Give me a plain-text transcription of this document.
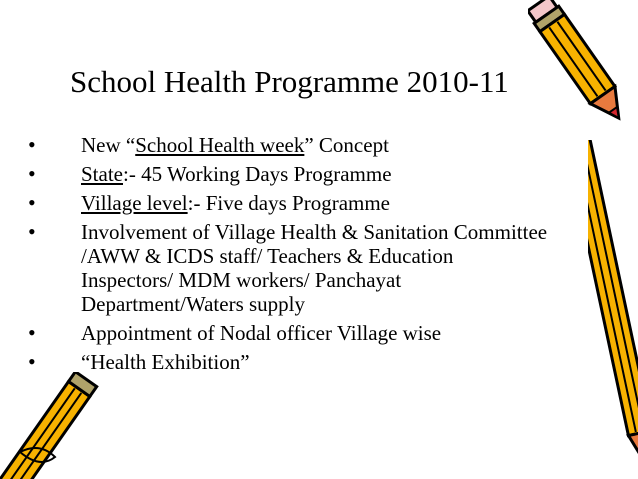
School Health Programme 2010-11
•	New “School Health week” Concept
•	State:- 45 Working Days Programme
•	Village level:- Five days Programme
•	Involvement of Village Health & Sanitation Committee
/AWW & ICDS staff/ Teachers & Education
Inspectors/ MDM workers/ Panchayat
Department/Waters supply
•	Appointment of Nodal officer Village wise
•	“Health Exhibition”
